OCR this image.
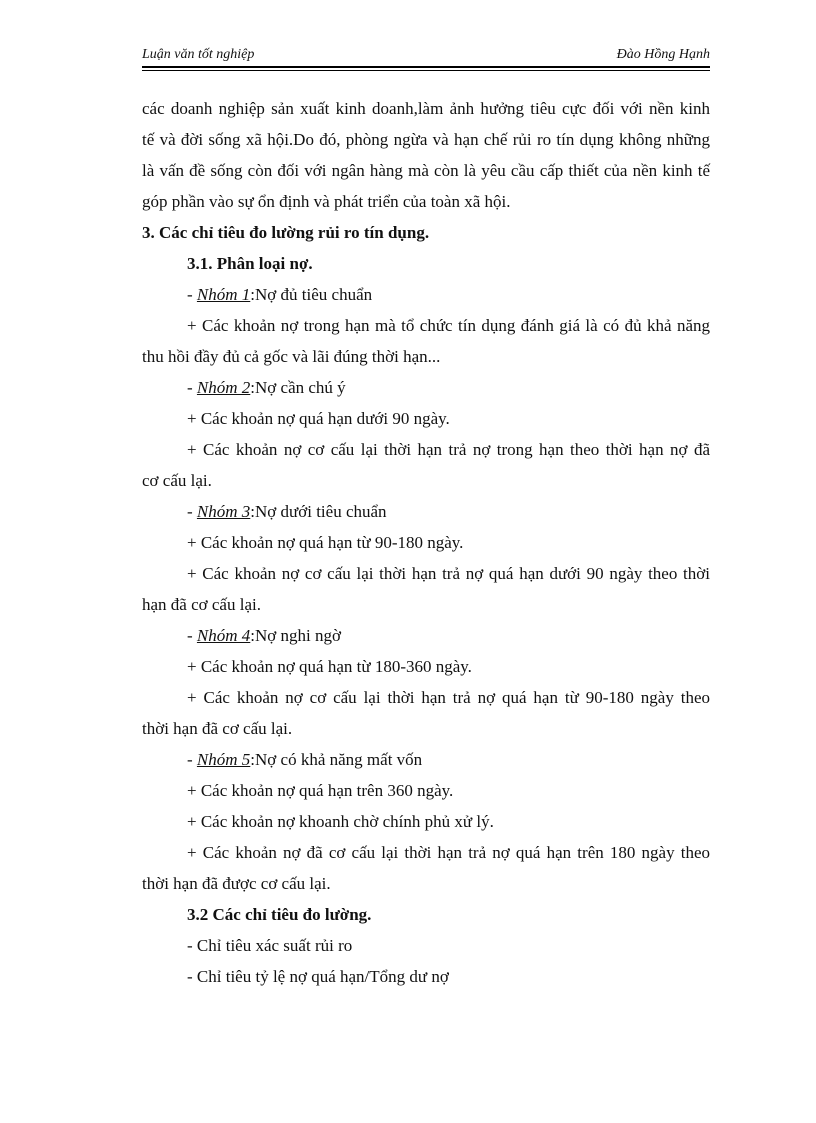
Luận văn tốt nghiệp	Đào Hồng Hạnh
các doanh nghiệp sản xuất kinh doanh,làm ảnh hưởng tiêu cực đối với nền kinh
tế và đời sống xã hội.Do đó, phòng ngừa và hạn chế rủi ro tín dụng không những
là vấn đề sống còn đối với ngân hàng mà còn là yêu cầu cấp thiết của nền kinh tế
góp phần vào sự ổn định và phát triển của toàn xã hội.
3. Các chỉ tiêu đo lường rủi ro tín dụng.
3.1. Phân loại nợ.
- Nhóm 1:Nợ đủ tiêu chuẩn
+ Các khoản nợ trong hạn mà tổ chức tín dụng đánh giá là có đủ khả năng
thu hồi đầy đủ cả gốc và lãi đúng thời hạn...
- Nhóm 2:Nợ cần chú ý
+ Các khoản nợ quá hạn dưới 90 ngày.
+ Các khoản nợ cơ cấu lại thời hạn trả nợ trong hạn theo thời hạn nợ đã
cơ cấu lại.
- Nhóm 3:Nợ dưới tiêu chuẩn
+ Các khoản nợ quá hạn từ 90-180 ngày.
+ Các khoản nợ cơ cấu lại thời hạn trả nợ quá hạn dưới 90 ngày theo thời
hạn đã cơ cấu lại.
- Nhóm 4:Nợ nghi ngờ
+ Các khoản nợ quá hạn từ 180-360 ngày.
+ Các khoản nợ cơ cấu lại thời hạn trả nợ quá hạn từ 90-180 ngày theo
thời hạn đã cơ cấu lại.
- Nhóm 5:Nợ có khả năng mất vốn
+ Các khoản nợ quá hạn trên 360 ngày.
+ Các khoản nợ khoanh chờ chính phủ xử lý.
+ Các khoản nợ đã cơ cấu lại thời hạn trả nợ quá hạn trên 180 ngày theo
thời hạn đã được cơ cấu lại.
3.2 Các chỉ tiêu đo lường.
- Chỉ tiêu xác suất rủi ro
- Chỉ tiêu tỷ lệ nợ quá hạn/Tổng dư nợ
